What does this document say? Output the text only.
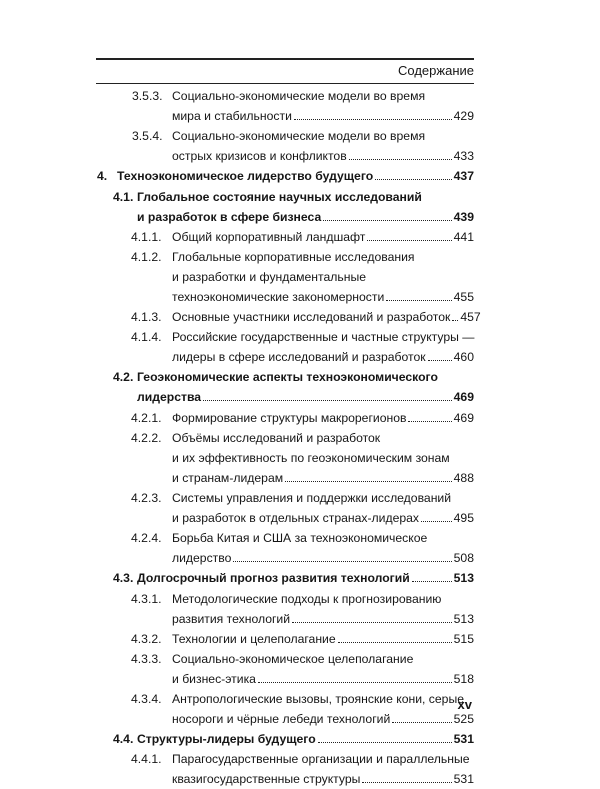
Содержание
3.5.3. Социально-экономические модели во время
мира и стабильности	429
3.5.4. Социально-экономические модели во время
острых кризисов и конфликтов	433
4. Техноэкономическое лидерство будущего	437
4.1. Глобальное состояние научных исследований
и разработок в сфере бизнеса	439
4.1.1. Общий корпоративный ландшафт	441
4.1.2. Глобальные корпоративные исследования
и разработки и фундаментальные
техноэкономические закономерности	455
4.1.3. Основные участники исследований и разработок 457
4.1.4. Российские государственные и частные структуры —
лидеры в сфере исследований и разработок 460
4.2. Геоэкономические аспекты техноэкономического
лидерства	469
4.2.1. Формирование структуры макрорегионов	469
4.2.2. Объёмы исследований и разработок
и их эффективность по геоэкономическим зонам
и странам-лидерам	488
4.2.3. Системы управления и поддержки исследований
и разработок в отдельных странах-лидерах	495
4.2.4. Борьба Китая и США за техноэкономическое
лидерство	508
4.3. Долгосрочный прогноз развития технологий	513
4.3.1. Методологические подходы к прогнозированию
развития технологий	513
4.3.2. Технологии и целеполагание	515
4.3.3. Социально-экономическое целеполагание
и бизнес-этика	518
4.3.4. Антропологические вызовы, троянские кони, серые
носороги и чёрные лебеди технологий	525
4.4. Структуры-лидеры будущего	531
4.4.1. Парагосударственные организации и параллельные
квазигосударственные структуры	531
xv
